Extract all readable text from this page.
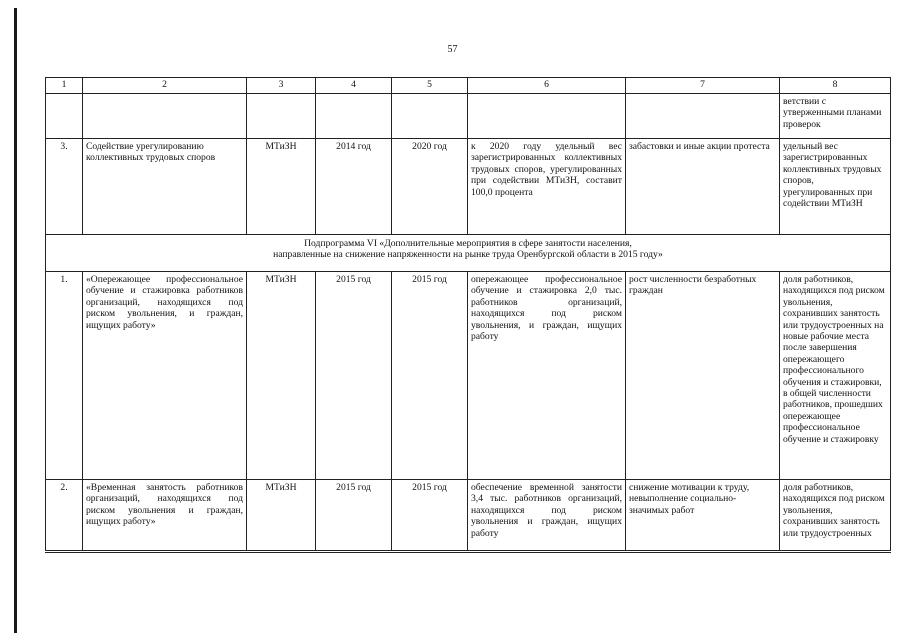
57
1	2	3	4	5	6	7	8
							ветствии с утверженными планами проверок
3.	Содействие урегулированию коллективных трудовых споров	МТиЗН	2014 год	2020 год	к 2020 году удельный вес зарегистрированных коллективных трудовых споров, урегулированных при содействии МТиЗН, составит 100,0 процента	забастовки и иные акции протеста	удельный вес зарегистрированных коллективных трудовых споров, урегулированных при содействии МТиЗН

Подпрограмма VI «Дополнительные мероприятия в сфере занятости населения,
направленные на снижение напряженности на рынке труда Оренбургской области в 2015 году»							

1.	«Опережающее профессиональное обучение и стажировка работников организаций, находящихся под риском увольнения, и граждан, ищущих работу»	МТиЗН	2015 год	2015 год	опережающее профессиональное обучение и стажировка 2,0 тыс. работников организаций, находящихся под риском увольнения, и граждан, ищущих работу	рост численности безработных граждан	доля работников, находящихся под риском увольнения, сохранивших занятость или трудоустроенных на новые рабочие места после завершения опережающего профессионального обучения и стажировки, в общей численности работников, прошедших опережающее профессиональное обучение и стажировку
2.	«Временная занятость работников организаций, находящихся под риском увольнения и граждан, ищущих работу»	МТиЗН	2015 год	2015 год	обеспечение временной занятости 3,4 тыс. работников организаций, находящихся под риском увольнения и граждан, ищущих работу	снижение мотивации к труду, невыполнение социально-значимых работ	доля работников, находящихся под риском увольнения, сохранивших занятость или трудоустроенных
